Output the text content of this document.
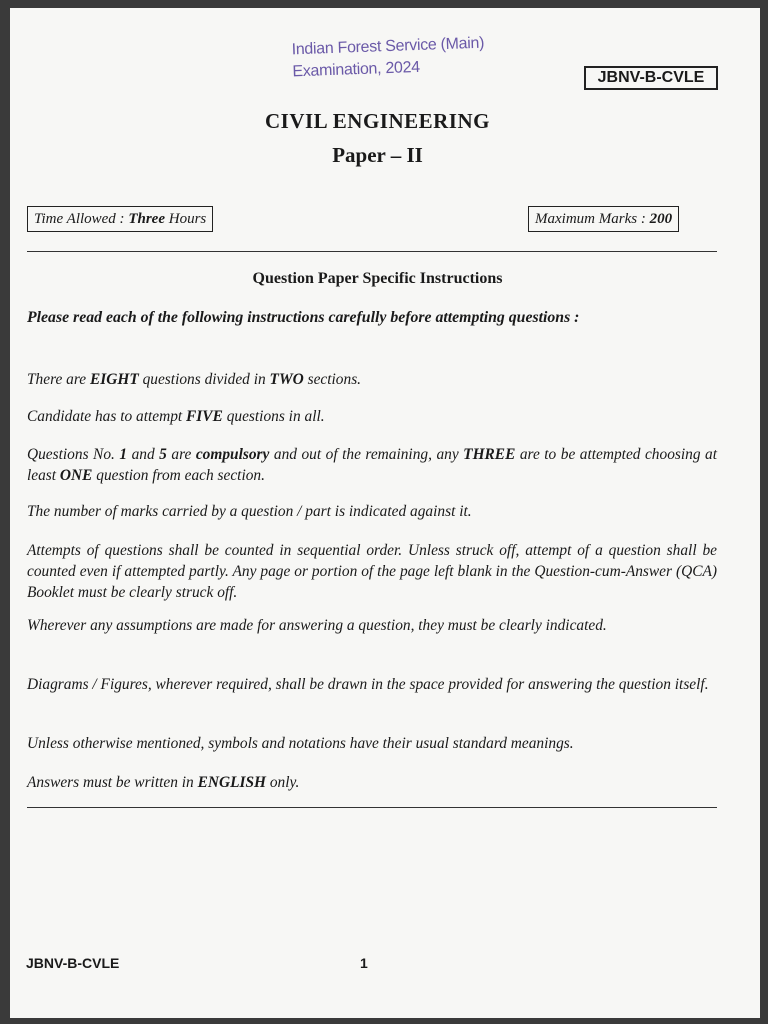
Indian Forest Service (Main)
Examination, 2024	JBNV-B-CVLE
CIVIL ENGINEERING
Paper – II
Time Allowed : Three Hours	Maximum Marks : 200
Question Paper Specific Instructions
Please read each of the following instructions carefully before attempting questions :
There are EIGHT questions divided in TWO sections.
Candidate has to attempt FIVE questions in all.
Questions No. 1 and 5 are compulsory and out of the remaining, any THREE are to be attempted choosing at least ONE question from each section.
The number of marks carried by a question / part is indicated against it.
Attempts of questions shall be counted in sequential order. Unless struck off, attempt of a question shall be counted even if attempted partly. Any page or portion of the page left blank in the Question-cum-Answer (QCA) Booklet must be clearly struck off.
Wherever any assumptions are made for answering a question, they must be clearly indicated.
Diagrams / Figures, wherever required, shall be drawn in the space provided for answering the question itself.
Unless otherwise mentioned, symbols and notations have their usual standard meanings.
Answers must be written in ENGLISH only.
JBNV-B-CVLE	1
